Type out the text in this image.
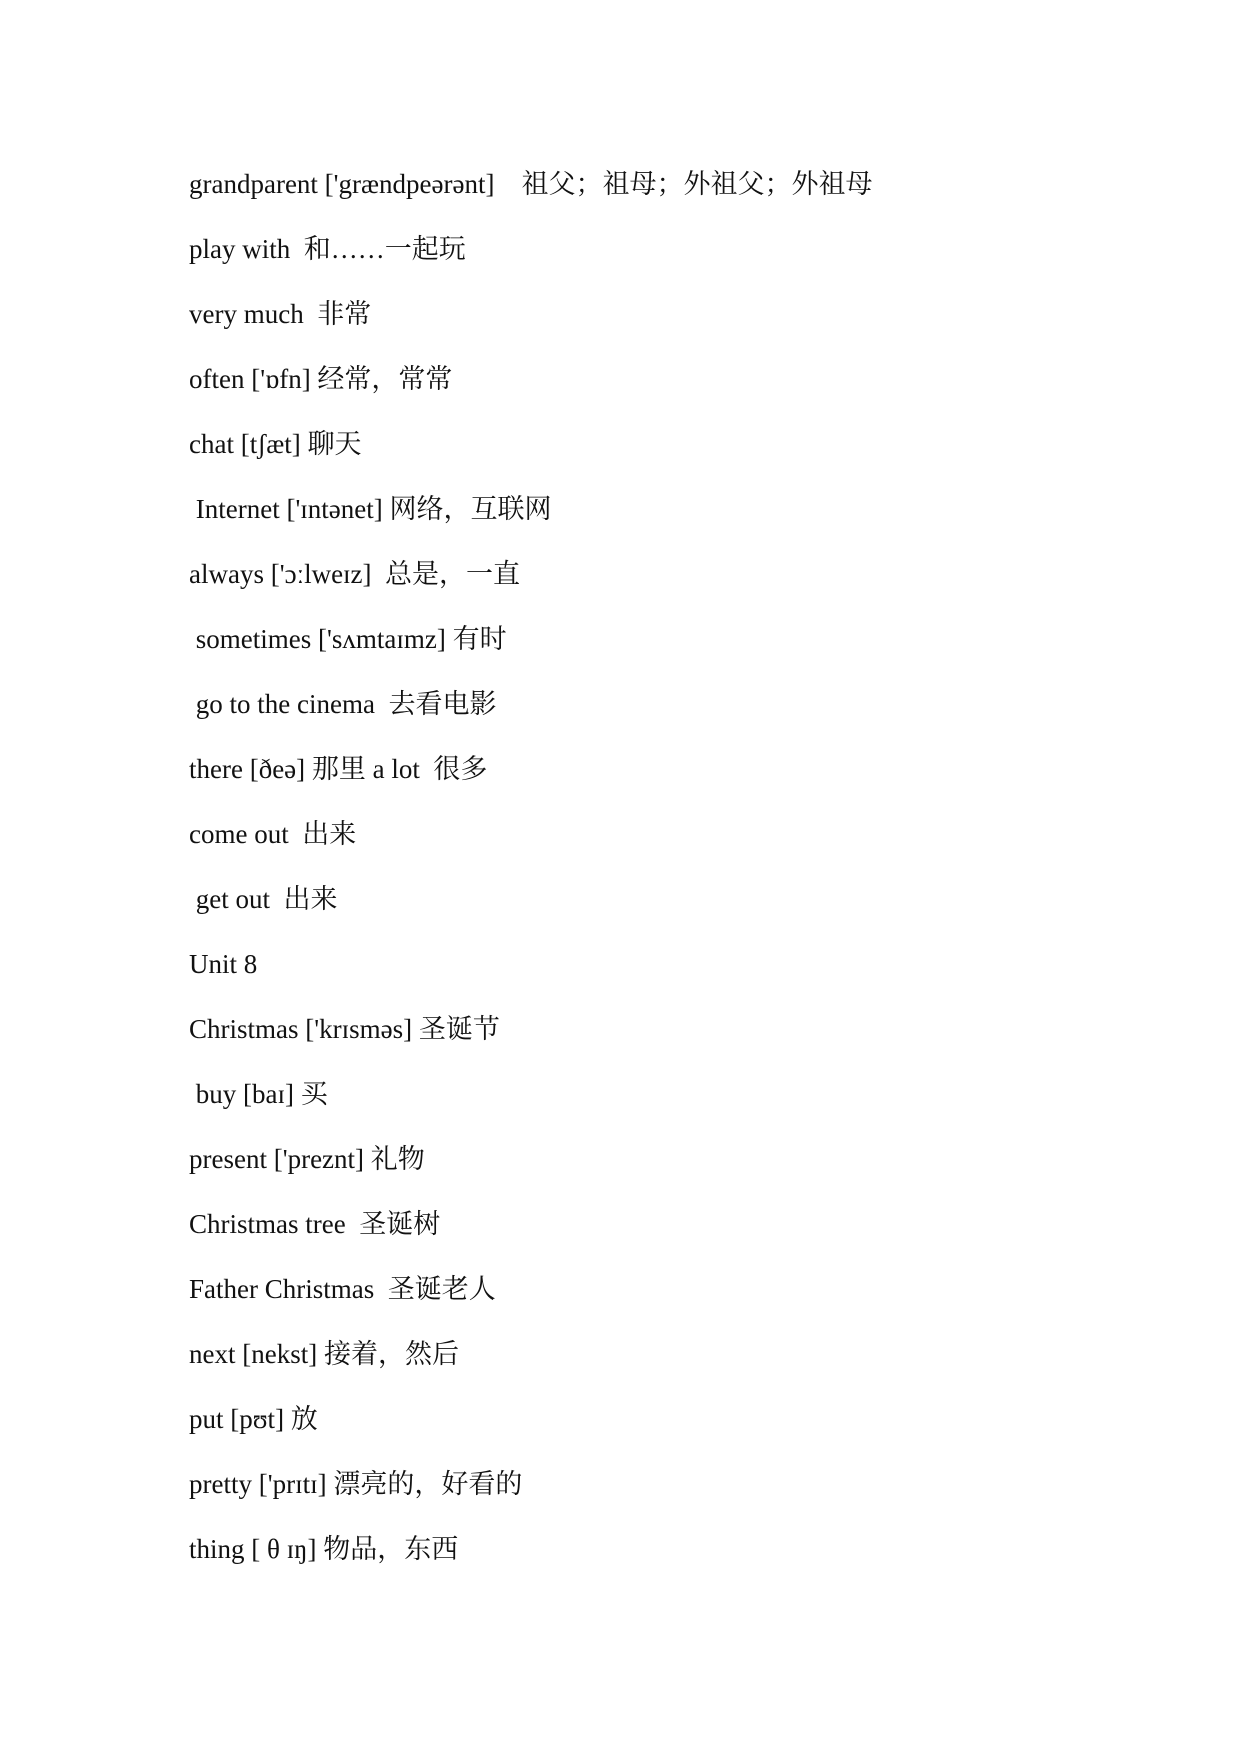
grandparent ['grændpeərənt]    祖父；祖母；外祖父；外祖母
play with  和……一起玩
very much  非常
often ['ɒfn] 经常，常常
chat [tʃæt] 聊天
Internet ['ɪntənet] 网络，互联网
always ['ɔːlweɪz]  总是，一直
sometimes ['sʌmtaɪmz] 有时
go to the cinema  去看电影
there [ðeə] 那里 a lot  很多
come out  出来
get out  出来
Unit 8
Christmas ['krɪsməs] 圣诞节
buy [baɪ] 买
present ['preznt] 礼物
Christmas tree  圣诞树
Father Christmas  圣诞老人
next [nekst] 接着，然后
put [pʊt] 放
pretty ['prɪtɪ] 漂亮的，好看的
thing [ θ ɪŋ] 物品，东西
